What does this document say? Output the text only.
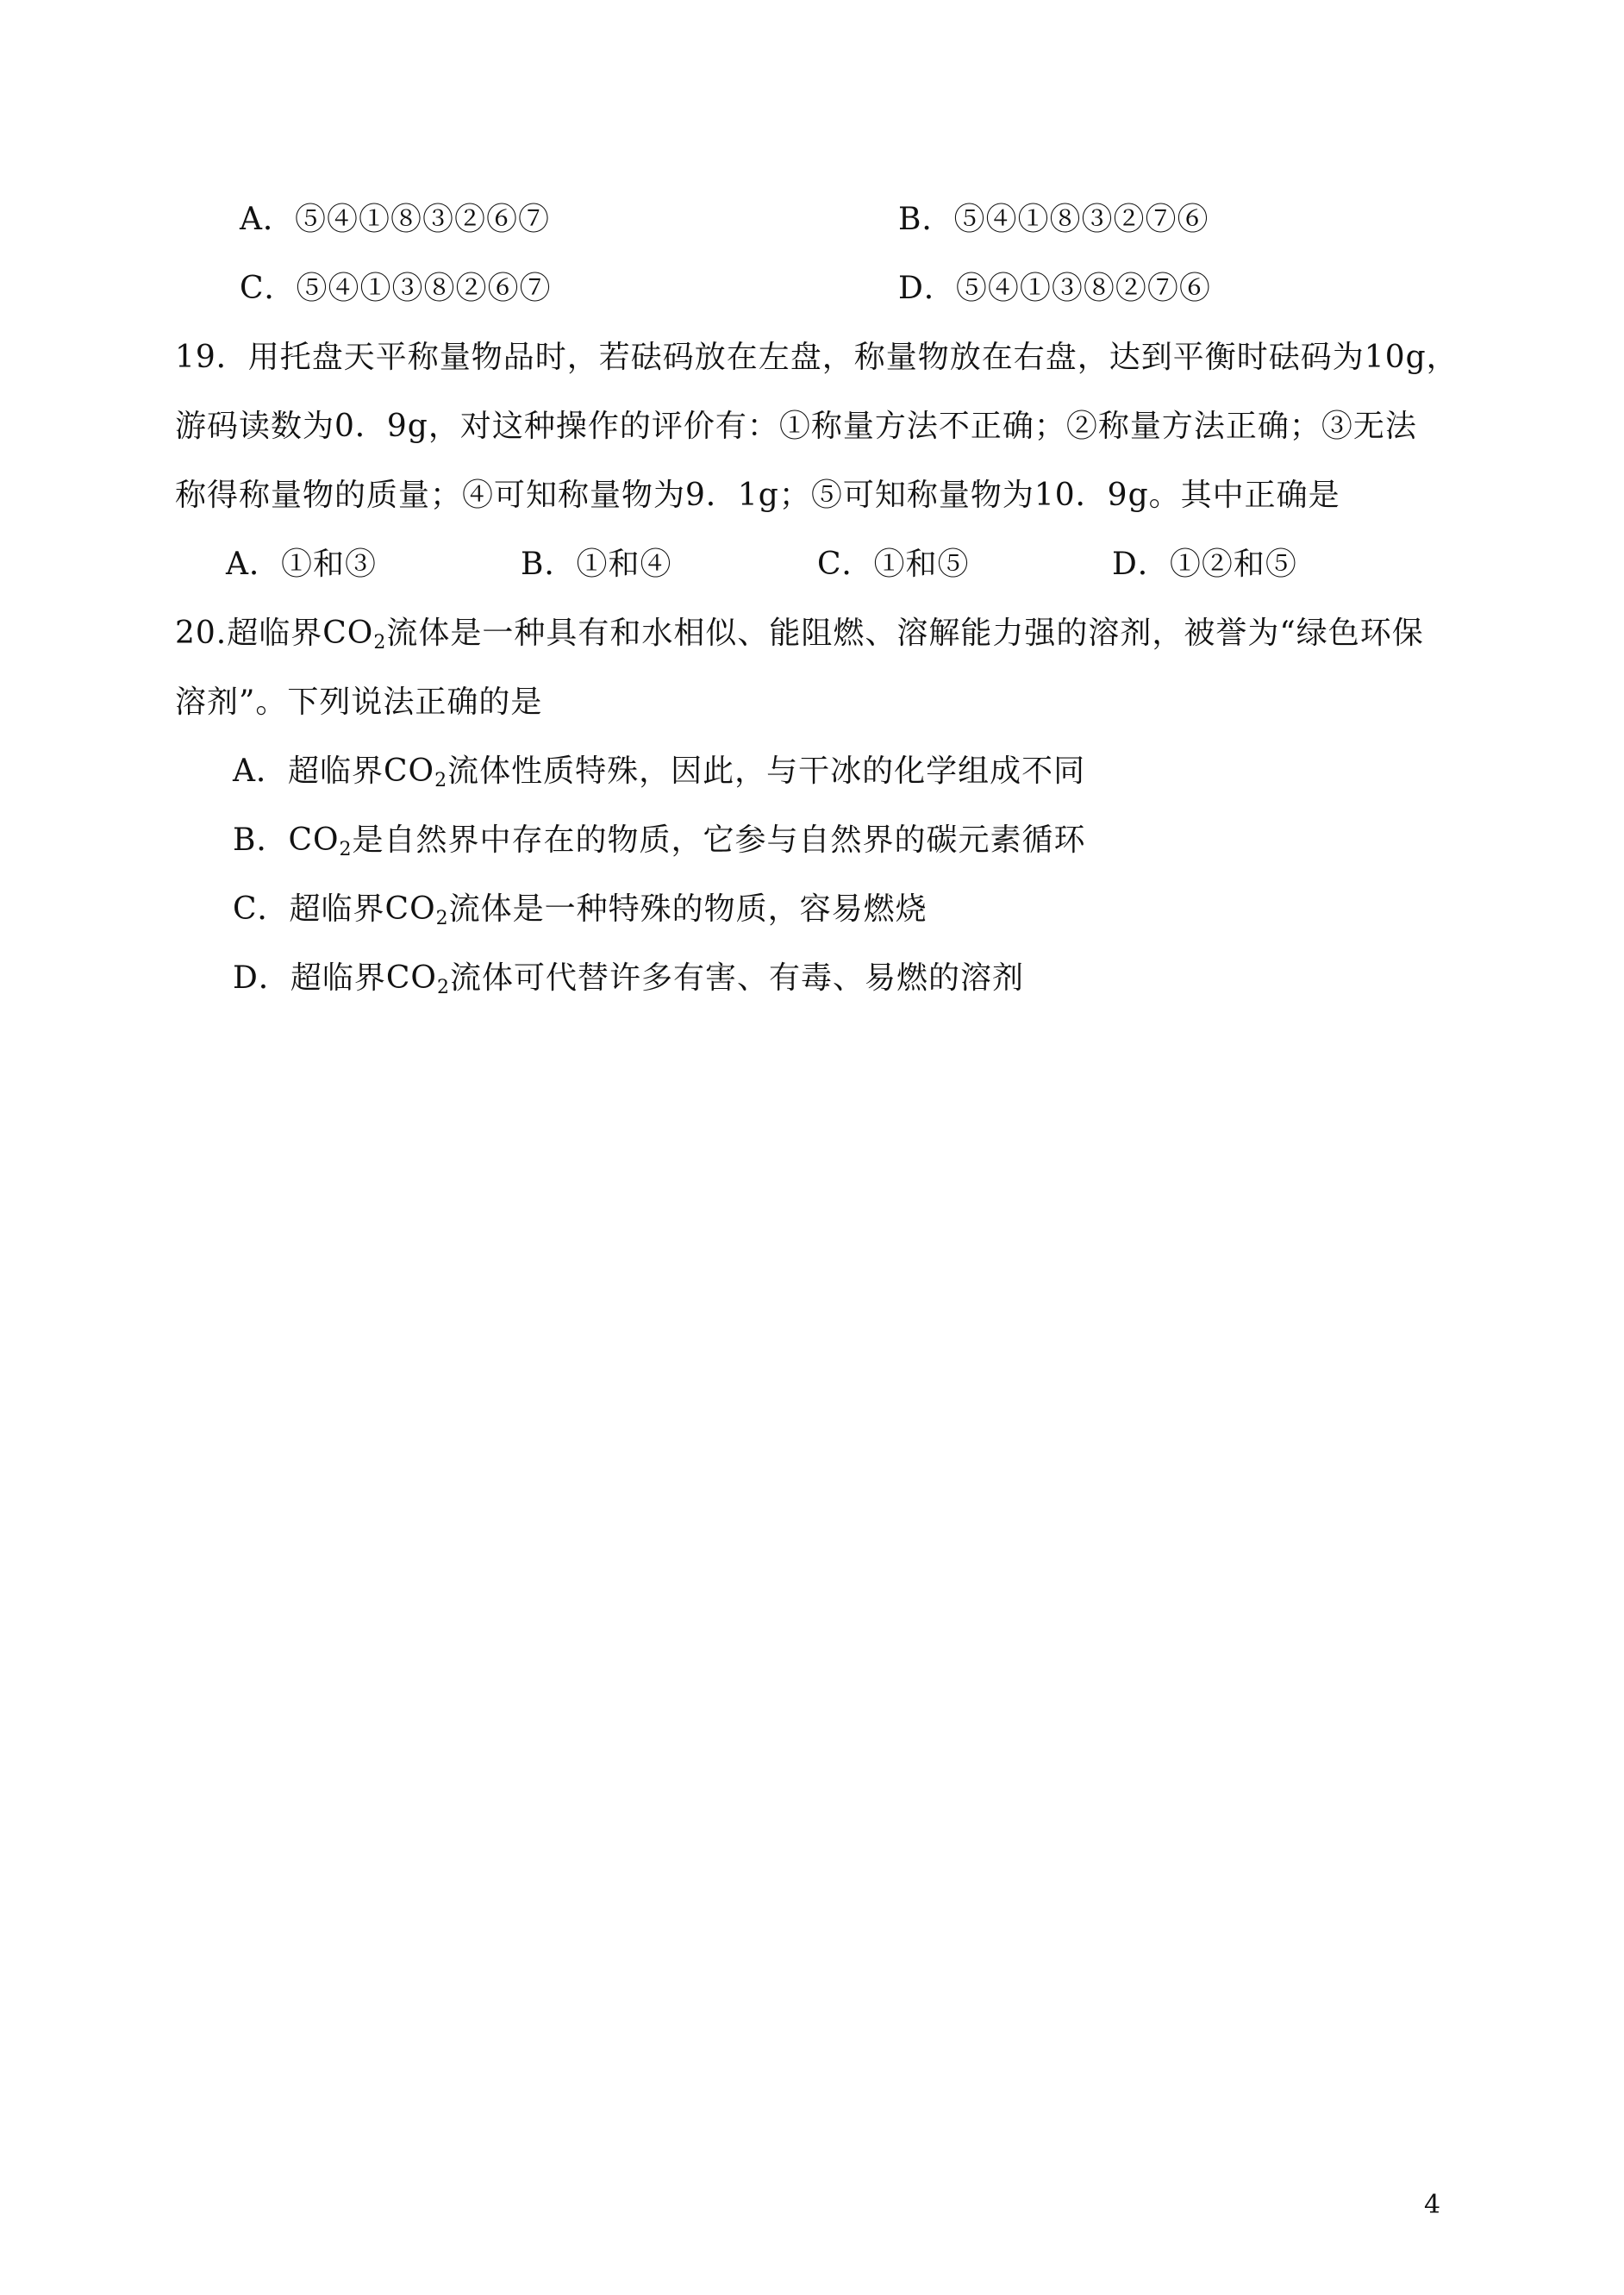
A．⑤④①⑧③②⑥⑦	B．⑤④①⑧③②⑦⑥
C．⑤④①③⑧②⑥⑦	D．⑤④①③⑧②⑦⑥
19．用托盘天平称量物品时，若砝码放在左盘，称量物放在右盘，达到平衡时砝码为10g，
游码读数为0．9g，对这种操作的评价有：①称量方法不正确；②称量方法正确；③无法
称得称量物的质量；④可知称量物为9．1g；⑤可知称量物为10．9g。其中正确是
A．①和③	B．①和④	C．①和⑤	D．①②和⑤
20.超临界$CO_2$流体是一种具有和水相似、能阻燃、溶解能力强的溶剂，被誉为“绿色环保
溶剂”。下列说法正确的是
A．超临界$CO_2$流体性质特殊，因此，与干冰的化学组成不同
B．$CO_2$是自然界中存在的物质，它参与自然界的碳元素循环
C．超临界$CO_2$流体是一种特殊的物质，容易燃烧
D．超临界$CO_2$流体可代替许多有害、有毒、易燃的溶剂
4
